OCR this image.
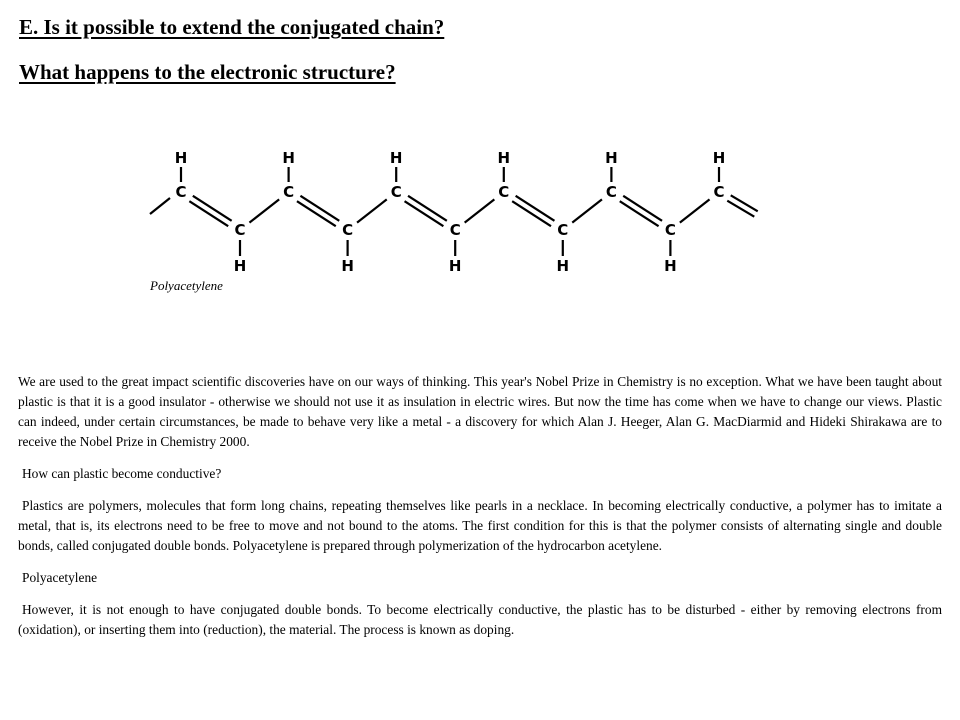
E. Is it possible to extend the conjugated chain?
What happens to the electronic structure?
H
C
H
C
H
C
H
C
H
C
H
C
C
H
C
H
C
H
C
H
C
H
Polyacetylene

We are used to the great impact scientific discoveries have on our ways of thinking. This year's Nobel Prize in Chemistry is no exception. What we have been taught about plastic is that it is a good insulator - otherwise we should not use it as insulation in electric wires. But now the time has come when we have to change our views. Plastic can indeed, under certain circumstances, be made to behave very like a metal - a discovery for which Alan J. Heeger, Alan G. MacDiarmid and Hideki Shirakawa are to receive the Nobel Prize in Chemistry 2000.

How can plastic become conductive?

Plastics are polymers, molecules that form long chains, repeating themselves like pearls in a necklace. In becoming electrically conductive, a polymer has to imitate a metal, that is, its electrons need to be free to move and not bound to the atoms. The first condition for this is that the polymer consists of alternating single and double bonds, called conjugated double bonds. Polyacetylene is prepared through polymerization of the hydrocarbon acetylene.

Polyacetylene

However, it is not enough to have conjugated double bonds. To become electrically conductive, the plastic has to be disturbed - either by removing electrons from (oxidation), or inserting them into (reduction), the material. The process is known as doping.
